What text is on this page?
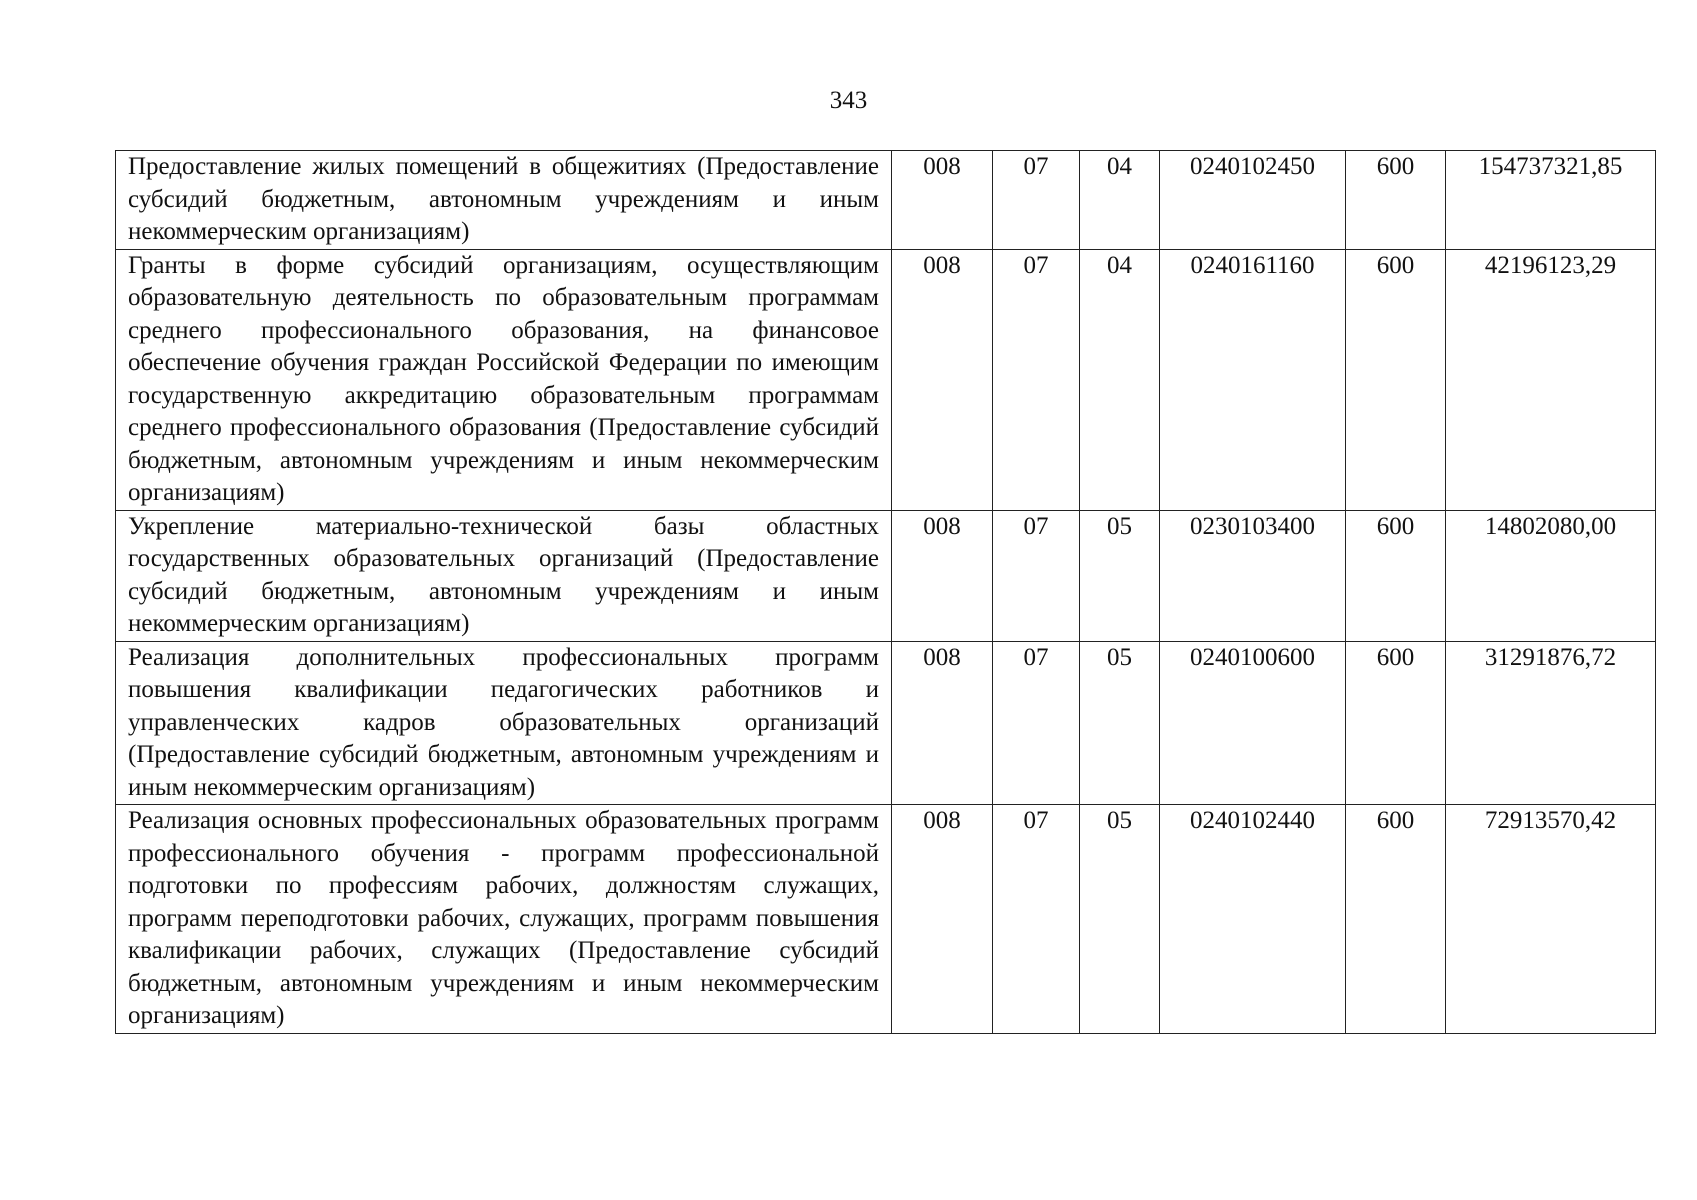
343
Предоставление жилых помещений в общежитиях (Предоставление субсидий бюджетным, автономным учреждениям и иным некоммерческим организациям)	008	07	04	0240102450	600	154737321,85
Гранты в форме субсидий организациям, осуществляющим образовательную деятельность по образовательным программам среднего профессионального образования, на финансовое обеспечение обучения граждан Российской Федерации по имеющим государственную аккредитацию образовательным программам среднего профессионального образования (Предоставление субсидий бюджетным, автономным учреждениям и иным некоммерческим организациям)	008	07	04	0240161160	600	42196123,29
Укрепление материально-технической базы областных государственных образовательных организаций (Предоставление субсидий бюджетным, автономным учреждениям и иным некоммерческим организациям)	008	07	05	0230103400	600	14802080,00
Реализация дополнительных профессиональных программ повышения квалификации педагогических работников и управленческих кадров образовательных организаций (Предоставление субсидий бюджетным, автономным учреждениям и иным некоммерческим организациям)	008	07	05	0240100600	600	31291876,72
Реализация основных профессиональных образовательных программ профессионального обучения - программ профессиональной подготовки по профессиям рабочих, должностям служащих, программ переподготовки рабочих, служащих, программ повышения квалификации рабочих, служащих (Предоставление субсидий бюджетным, автономным учреждениям и иным некоммерческим организациям)	008	07	05	0240102440	600	72913570,42
